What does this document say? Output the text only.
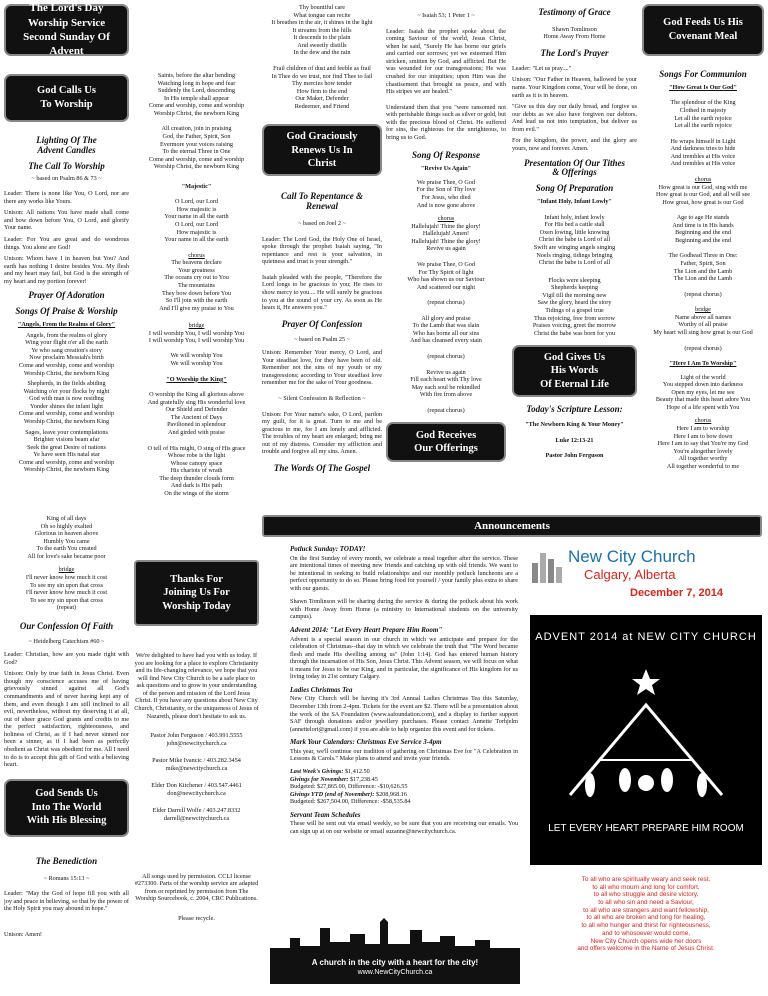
The Lord's Day Worship Service
Second Sunday Of Advent
God Calls Us
To Worship
Lighting Of The
Advent Candles
The Call To Worship
~ based on Psalm 86 & 73 ~
Leader: There is none like You, O Lord, nor are there any works like Yours.
Unison: All nations You have made shall come and bow down before You, O Lord, and glorify Your name.
Leader: For You are great and do wondrous things. You alone are God!
Unison: Whom have I in heaven but You? And earth has nothing I desire besides You. My flesh and my heart may fail, but God is the strength of my heart and my portion forever!
Prayer Of Adoration
Songs Of Praise & Worship
"Angels, From the Realms of Glory"
Angels, from the realms of glory
Wing your flight o'er all the earth
Ye who sang creation's story
Now proclaim Messiah's birth
Come and worship, come and worship
Worship Christ, the newborn King
Shepherds, in the fields abiding
Watching o'er your flocks by night
God with man is now residing
Yonder shines the infant light
Come and worship, come and worship
Worship Christ, the newborn King
Sages, leave your contemplations
Brighter visions beam afar
Seek the great Desire of nations
Ye have seen His natal star
Come and worship, come and worship
Worship Christ, the newborn King
King of all days
Oh so highly exalted
Glorious in heaven above
Humbly You came
To the earth You created
All for love's sake became poor
bridge
I'll never know how much it cost
To see my sin upon that cross
I'll never know how much it cost
To see my sin upon that cross
(repeat)
Our Confession Of Faith
~ Heidelberg Catechism #60 ~
Leader: Christian, how are you made right with God?
Unison: Only by true faith in Jesus Christ. Even though my conscience accuses me of having grievously sinned against all God's commandments and of never having kept any of them, and even though I am still inclined to all evil, nevertheless, without my deserving it at all, out of sheer grace God grants and credits to me the perfect satisfaction, righteousness, and holiness of Christ, as if I had never sinned nor been a sinner, as if I had been as perfectly obedient as Christ was obedient for me. All I need to do is to accept this gift of God with a believing heart.
God Sends Us
Into The World
With His Blessing
The Benediction
~ Romans 15:13 ~
Leader: "May the God of hope fill you with all joy and peace in believing, so that by the power of the Holy Spirit you may abound in hope."
Unison: Amen!
Saints, before the altar bending
Watching long in hope and fear
Suddenly the Lord, descending
In His temple shall appear
Come and worship, come and worship
Worship Christ, the newborn King
All creation, join in praising
God, the Father, Spirit, Son
Evermore your voices raising
To the eternal Three in One
Come and worship, come and worship
Worship Christ, the newborn King
"Majestic"
O Lord, our Lord
How majestic is
Your name in all the earth
O Lord, our Lord
How majestic is
Your name in all the earth
chorus
The heavens declare
Your greatness
The oceans cry out to You
The mountains
They bow down before You
So I'll join with the earth
And I'll give my praise to You
bridge
I will worship You, I will worship You
I will worship You, I will worship You

We will worship You
We will worship You
"O Worship the King"
O worship the King all glorious above
And gratefully sing His wonderful love
Our Shield and Defender
The Ancient of Days
Pavilioned in splendour
And girded with praise
O tell of His might, O sing of His grace
Whose robe is the light
Whose canopy space
His chariots of wrath
The deep thunder clouds form
And dark is His path
On the wings of the storm
Thanks For
Joining Us For
Worship Today
We're delighted to have had you with us today. If you are looking for a place to explore Christianity and its life-changing relevance, we hope that you will find New City Church to be a safe place to ask questions and to grow in your understanding of the person and mission of the Lord Jesus Christ. If you have any questions about New City Church, Christianity, or the uniqueness of Jesus of Nazareth, please don't hesitate to ask us.
Pastor John Ferguson / 403.991.5555
john@newcitychurch.ca
Pastor Mike Ivancic / 403.282.3454
mike@newcitychurch.ca
Elder Don Kitchener / 403.547.4461
don@newcitychurch.ca
Elder Darrell Wolfe / 403.247.8332
darrell@newcitychurch.ca
All songs used by permission. CCLI license #273300. Parts of the worship service are adapted from or reprinted by permission from The Worship Sourcebook, c. 2004, CRC Publications.
Please recycle.
Thy bountiful care
What tongue can recite
It breathes in the air, it shines in the light
It streams from the hills
It descends to the plain
And sweetly distills
In the dew and the rain
Frail children of dust and feeble as frail
In Thee do we trust, nor find Thee to fail
Thy mercies how tender
How firm to the end
Our Maker, Defender
Redeemer, and Friend
God Graciously
Renews Us In
Christ
Call To Repentance &
Renewal
~ based on Joel 2 ~
Leader: The Lord God, the Holy One of Israel, spoke through the prophet Isaiah saying, "In repentance and rest is your salvation, in quietness and trust is your strength."
Isaiah pleaded with the people, "Therefore the Lord longs to be gracious to you; He rises to show mercy to you.... He will surely be gracious to you at the sound of your cry. As soon as He hears it, He answers you."
Prayer Of Confession
~ based on Psalm 25 ~
Unison: Remember Your mercy, O Lord, and Your steadfast love, for they have been of old. Remember not the sins of my youth or my transgressions; according to Your steadfast love remember me for the sake of Your goodness.
~ Silent Confession & Reflection ~
Unison: For Your name's sake, O Lord, pardon my guilt, for it is great. Turn to me and be gracious to me, for I am lonely and afflicted. The troubles of my heart are enlarged; bring me out of my distress. Consider my affliction and trouble and forgive all my sins. Amen.
The Words Of The Gospel
~ Isaiah 53; 1 Peter 1 ~
Leader: Isaiah the prophet spoke about the coming Saviour of the world, Jesus Christ, when he said, "Surely He has borne our griefs and carried our sorrows; yet we esteemed Him stricken, smitten by God, and afflicted. But He was wounded for our transgressions; He was crushed for our iniquities; upon Him was the chastisement that brought us peace, and with His stripes we are healed."
Understand then that you "were ransomed not with perishable things such as silver or gold, but with the precious blood of Christ. He suffered for sins, the righteous for the unrighteous, to bring us to God.
Song Of Response
"Revive Us Again"
We praise Thee, O God
For the Son of Thy love
For Jesus, who died
And is now gone above
chorus
Hallelujah! Thine the glory!
Hallelujah! Amen!
Hallelujah! Thine the glory!
Revive us again
We praise Thee, O God
For Thy Spirit of light
Who has shown us our Saviour
And scattered our night
(repeat chorus)
All glory and praise
To the Lamb that was slain
Who has borne all our sins
And has cleansed every stain
(repeat chorus)
Revive us again
Fill each heart with Thy love
May each soul be rekindled
With fire from above
(repeat chorus)
God Receives
Our Offerings
Testimony of Grace
Shawn Tomlinson
Home Away From Home
The Lord's Prayer
Leader: "Let us pray...."
Unison: "Our Father in Heaven, hallowed be your name. Your Kingdom come, Your will be done, on earth as it is in heaven.
"Give us this day our daily bread, and forgive us our debts as we also have forgiven our debtors. And lead us not into temptation, but deliver us from evil."
For the kingdom, the power, and the glory are yours, now and forever. Amen.
Presentation Of Our Tithes
& Offerings
Song Of Preparation
"Infant Holy, Infant Lowly"
Infant holy, infant lowly
For His bed a cattle stall
Oxen lowing, little knowing
Christ the babe is Lord of all
Swift are winging angels singing
Noels ringing, tidings bringing
Christ the babe is Lord of all
Flocks were sleeping
Shepherds keeping
Vigil till the morning new
Saw the glory, heard the story
Tidings of a gospel true
Thus rejoicing, free from sorrow
Praises voicing, greet the morrow
Christ the babe was born for you
God Gives Us
His Words
Of Eternal Life
Today's Scripture Lesson:
"The Newborn King & Your Money"
Luke 12:13-21
Pastor John Ferguson
God Feeds Us His
Covenant Meal
Songs For Communion
"How Great Is Our God"
The splendour of the King
Clothed in majesty
Let all the earth rejoice
Let all the earth rejoice
He wraps himself in Light
And darkness tries to hide
And trembles at His voice
And trembles at His voice
chorus
How great is our God, sing with me
How great is our God, and all will see
How great, how great is our God
Age to age He stands
And time is in His hands
Beginning and the end
Beginning and the end
The Godhead Three in One:
Father, Spirit, Son
The Lion and the Lamb
The Lion and the Lamb
(repeat chorus)
bridge
Name above all names
Worthy of all praise
My heart will sing how great is our God
(repeat chorus)
"Here I Am To Worship"
Light of the world
You stepped down into darkness
Open my eyes, let me see
Beauty that made this heart adore You
Hope of a life spent with You
chorus
Here I am to worship
Here I am to bow down
Here I am to say that You're my God
You're altogether lovely
All together worthy
All together wonderful to me
Announcements
Potluck Sunday: TODAY!
On the first Sunday of every month, we celebrate a meal together after the service. These are intentional times of meeting new friends and catching up with old friends. We want to be intentional in seeking to build relationships and our monthly potluck luncheons are a perfect opportunity to do so. Please bring food for yourself / your family plus extra to share with our guests.
Shawn Tomlinson will be sharing during the service & during the potluck about his work with Home Away from Home (a ministry to International students on the university campus).
Advent 2014: "Let Every Heart Prepare Him Room"
Advent is a special season in our church in which we anticipate and prepare for the celebration of Christmas--that day in which we celebrate the truth that "The Word became flesh and made His dwelling among us" (John 1:14). God has entered human history through the incarnation of His Son, Jesus Christ. This Advent season, we will focus on what it means for Jesus to be our King, and in particular, the significance of His kingdom for us living today in 21st century Calgary.
Ladies Christmas Tea
New City Church will be having it's 3rd Annual Ladies Christmas Tea this Saturday, December 13th from 2-4pm. Tickets for the event are $2. There will be a presentation about the work of the SA Foundation (www.safoundation.com), and a display to further support SAF through donations and/or jewellery purchases. Please contact Annette Torhjelm (annettelori@gmail.com) if you are able to help organize this event and for tickets.
Mark Your Calendars: Christmas Eve Service 3-4pm
This year, we'll continue our tradition of gathering on Christmas Eve for "A Celebration in Lessons & Carols." Make plans to attend and invite your friends.
Last Week's Givings: $1,412.50
Givings for November: $17,238.45
Budgeted: $27,865.00, Difference: -$10,626.55
Givings YTD (end of November): $208,968.16
Budgeted: $267,504.00, Difference: -$58,535.84
Servant Team Schedules
These will be sent out via email weekly, so be sure that you are receiving our emails. You can sign up at on our website or email suzanne@newcitychurch.ca.
New City Church
Calgary, Alberta
December 7, 2014
ADVENT 2014 at NEW CITY CHURCH
LET EVERY HEART PREPARE HIM ROOM
To all who are spiritually weary and seek rest,
to all who mourn and long for comfort,
to all who struggle and desire victory,
to all who sin and need a Saviour,
to all who are strangers and want fellowship,
to all who are broken and long for healing,
to all who hunger and thirst for righteousness,
and to whosoever would come,
New City Church opens wide her doors
and offers welcome in the Name of Jesus Christ.
A church in the city with a heart for the city!
www.NewCityChurch.ca
